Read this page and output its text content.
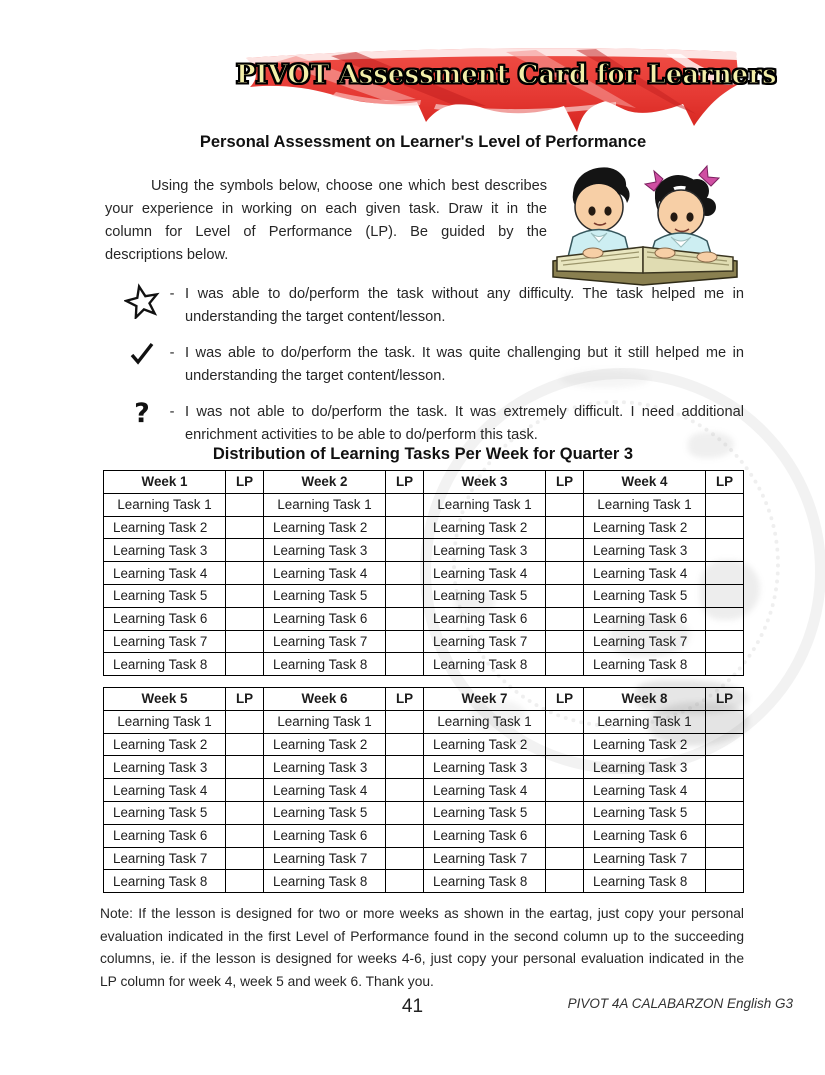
PIVOT Assessment Card for Learners
Personal Assessment on Learner's Level of Performance
Using the symbols below, choose one which best describes your experience in working on each given task. Draw it in the column for Level of Performance (LP). Be guided by the descriptions below.
- I was able to do/perform the task without any difficulty. The task helped me in understanding the target content/lesson.
- I was able to do/perform the task. It was quite challenging but it still helped me in understanding the target content/lesson.
?	- I was not able to do/perform the task. It was extremely difficult. I need additional enrichment activities to be able to do/perform this task.
Distribution of Learning Tasks Per Week for Quarter 3
Week 1	LP	Week 2	LP	Week 3	LP	Week 4	LP
Learning Task 1		Learning Task 1		Learning Task 1		Learning Task 1	
Learning Task 2		Learning Task 2		Learning Task 2		Learning Task 2	
Learning Task 3		Learning Task 3		Learning Task 3		Learning Task 3	
Learning Task 4		Learning Task 4		Learning Task 4		Learning Task 4	
Learning Task 5		Learning Task 5		Learning Task 5		Learning Task 5	
Learning Task 6		Learning Task 6		Learning Task 6		Learning Task 6	
Learning Task 7		Learning Task 7		Learning Task 7		Learning Task 7	
Learning Task 8		Learning Task 8		Learning Task 8		Learning Task 8	
Week 5	LP	Week 6	LP	Week 7	LP	Week 8	LP
Learning Task 1		Learning Task 1		Learning Task 1		Learning Task 1	
Learning Task 2		Learning Task 2		Learning Task 2		Learning Task 2	
Learning Task 3		Learning Task 3		Learning Task 3		Learning Task 3	
Learning Task 4		Learning Task 4		Learning Task 4		Learning Task 4	
Learning Task 5		Learning Task 5		Learning Task 5		Learning Task 5	
Learning Task 6		Learning Task 6		Learning Task 6		Learning Task 6	
Learning Task 7		Learning Task 7		Learning Task 7		Learning Task 7	
Learning Task 8		Learning Task 8		Learning Task 8		Learning Task 8	
Note: If the lesson is designed for two or more weeks as shown in the eartag, just copy your personal evaluation indicated in the first Level of Performance found in the second column up to the succeeding columns, ie. if the lesson is designed for weeks 4-6, just copy your personal evaluation indicated in the LP column for week 4, week 5 and week 6. Thank you.
41	PIVOT 4A CALABARZON English G3
